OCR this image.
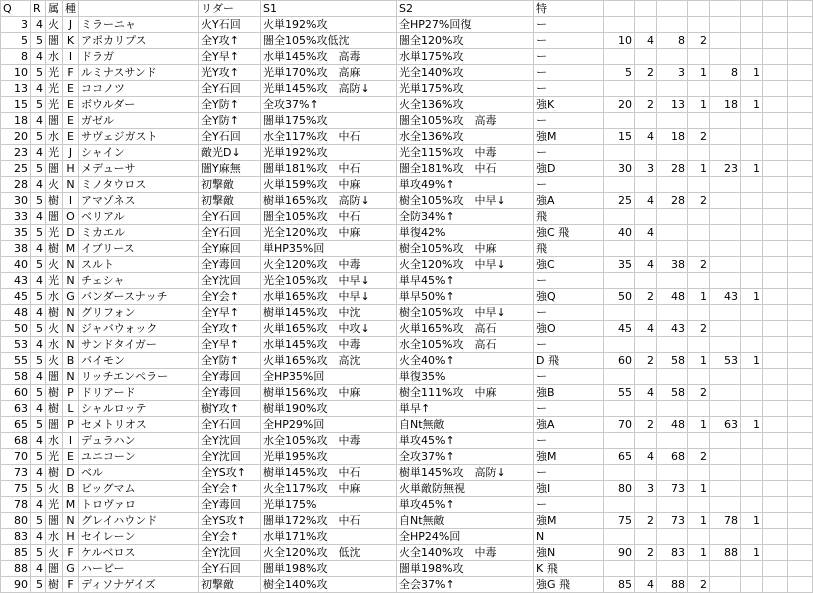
Q	R	属	種		リダー	S1	S2	特								
3	4	火	J	ミラーニャ	火Y石回	火単192%攻	全HP27%回復	ー								
5	5	闇	K	アポカリプス	全Y攻↑	闇全105%攻低沈	闇全120%攻	ー	10	4	8	2				
8	4	水	I	ドラガ	全Y早↑	水単145%攻　高毒	水単175%攻	ー								
10	5	光	F	ルミナスサンド	光Y攻↑	光単170%攻　高麻	光全140%攻	ー	5	2	3	1	8	1		
13	4	光	E	ココノツ	全Y石回	光単145%攻　高防↓	光単175%攻	ー								
15	5	光	E	ボウルダー	全Y防↑	全攻37%↑	火全136%攻	強K	20	2	13	1	18	1		
18	4	闇	E	ガゼル	全Y防↑	闇単175%攻	闇全105%攻　高毒	ー								
20	5	水	E	サヴェジガスト	全Y石回	水全117%攻　中石	水全136%攻	強M	15	4	18	2				
23	4	光	J	シャイン	敵光D↓	光単192%攻	光全115%攻　中毒	ー								
25	5	闇	H	メデューサ	闇Y麻無	闇単181%攻　中石	闇全181%攻　中石	強D	30	3	28	1	23	1		
28	4	火	N	ミノタウロス	初撃敵	火単159%攻　中麻	単攻49%↑	ー								
30	5	樹	I	アマゾネス	初撃敵	樹単165%攻　高防↓	樹全105%攻　中早↓	強A	25	4	28	2				
33	4	闇	O	ベリアル	全Y石回	闇全105%攻　中石	全防34%↑	飛								
35	5	光	D	ミカエル	全Y石回	光全120%攻　中麻	単復42%	強C 飛	40	4						
38	4	樹	M	イブリース	全Y麻回	単HP35%回	樹全105%攻　中麻	飛								
40	5	火	N	スルト	全Y毒回	火全120%攻　中毒	火全120%攻　中早↓	強C	35	4	38	2				
43	4	光	N	チェシャ	全Y沈回	光全105%攻　中早↓	単早45%↑	ー								
45	5	水	G	バンダースナッチ	全Y会↑	水単165%攻　中早↓	単早50%↑	強Q	50	2	48	1	43	1		
48	4	樹	N	グリフォン	全Y早↑	樹単145%攻　中沈	樹全105%攻　中早↓	ー								
50	5	火	N	ジャバウォック	全Y攻↑	火単165%攻　中攻↓	火単165%攻　高石	強O	45	4	43	2				
53	4	水	N	サンドタイガー	全Y早↑	水単145%攻　中毒	水全105%攻　高石	ー								
55	5	火	B	バイモン	全Y防↑	火単165%攻　高沈	火全40%↑	D 飛	60	2	58	1	53	1		
58	4	闇	N	リッチエンペラー	全Y毒回	全HP35%回	単復35%	ー								
60	5	樹	P	ドリアード	全Y毒回	樹単156%攻　中麻	樹全111%攻　中麻	強B	55	4	58	2				
63	4	樹	L	シャルロッテ	樹Y攻↑	樹単190%攻	単早↑	ー								
65	5	闇	P	セメトリオス	全Y石回	全HP29%回	自Nt無敵	強A	70	2	48	1	63	1		
68	4	水	I	デュラハン	全Y沈回	水全105%攻　中毒	単攻45%↑	ー								
70	5	光	E	ユニコーン	全Y沈回	光単195%攻	全攻37%↑	強M	65	4	68	2				
73	4	樹	D	ベル	全YS攻↑	樹単145%攻　中石	樹単145%攻　高防↓	ー								
75	5	火	B	ビッグマム	全Y会↑	火全117%攻　中麻	火単敵防無視	強I	80	3	73	1				
78	4	光	M	トロヴァロ	全Y毒回	光単175%	単攻45%↑	ー								
80	5	闇	N	グレイハウンド	全YS攻↑	闇単172%攻　中石	自Nt無敵	強M	75	2	73	1	78	1		
83	4	水	H	セイレーン	全Y会↑	水単171%攻	全HP24%回	N								
85	5	火	F	ケルベロス	全Y沈回	火全120%攻　低沈	火全140%攻　中毒	強N	90	2	83	1	88	1		
88	4	闇	G	ハーピー	全Y石回	闇単198%攻	闇単198%攻	K 飛								
90	5	樹	F	ディソナゲイズ	初撃敵	樹全140%攻	全会37%↑	強G 飛	85	4	88	2				
